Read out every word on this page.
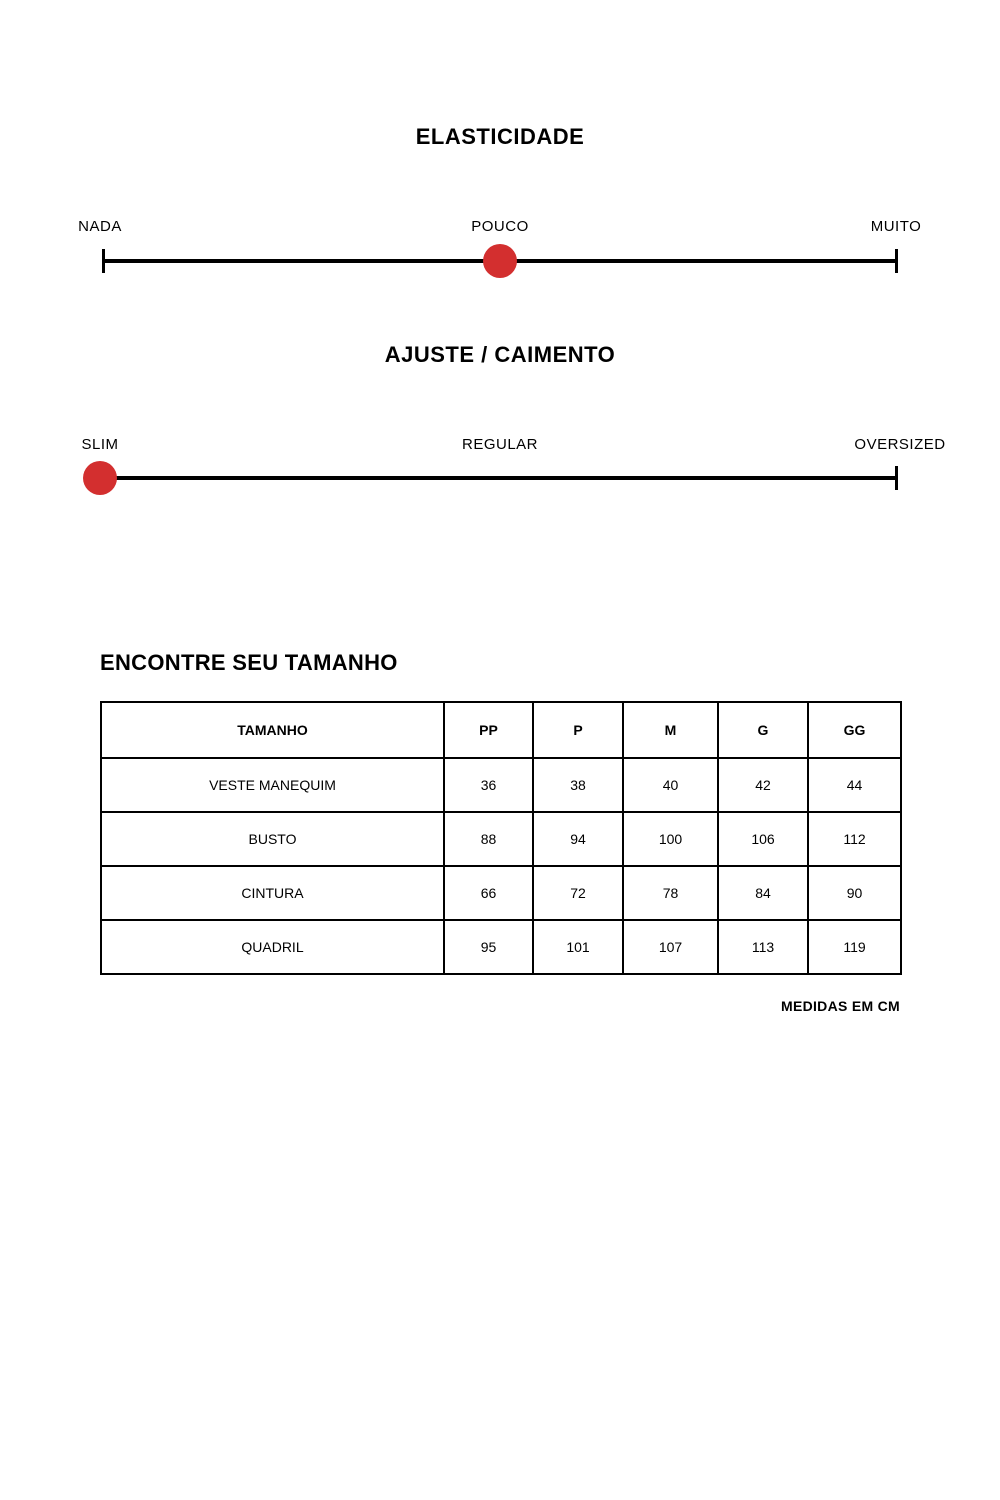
ELASTICIDADE
NADA	POUCO	MUITO
AJUSTE / CAIMENTO
SLIM	REGULAR	OVERSIZED
ENCONTRE SEU TAMANHO
TAMANHO	PP	P	M	G	GG
VESTE MANEQUIM	36	38	40	42	44
BUSTO	88	94	100	106	112
CINTURA	66	72	78	84	90
QUADRIL	95	101	107	113	119
MEDIDAS EM CM
